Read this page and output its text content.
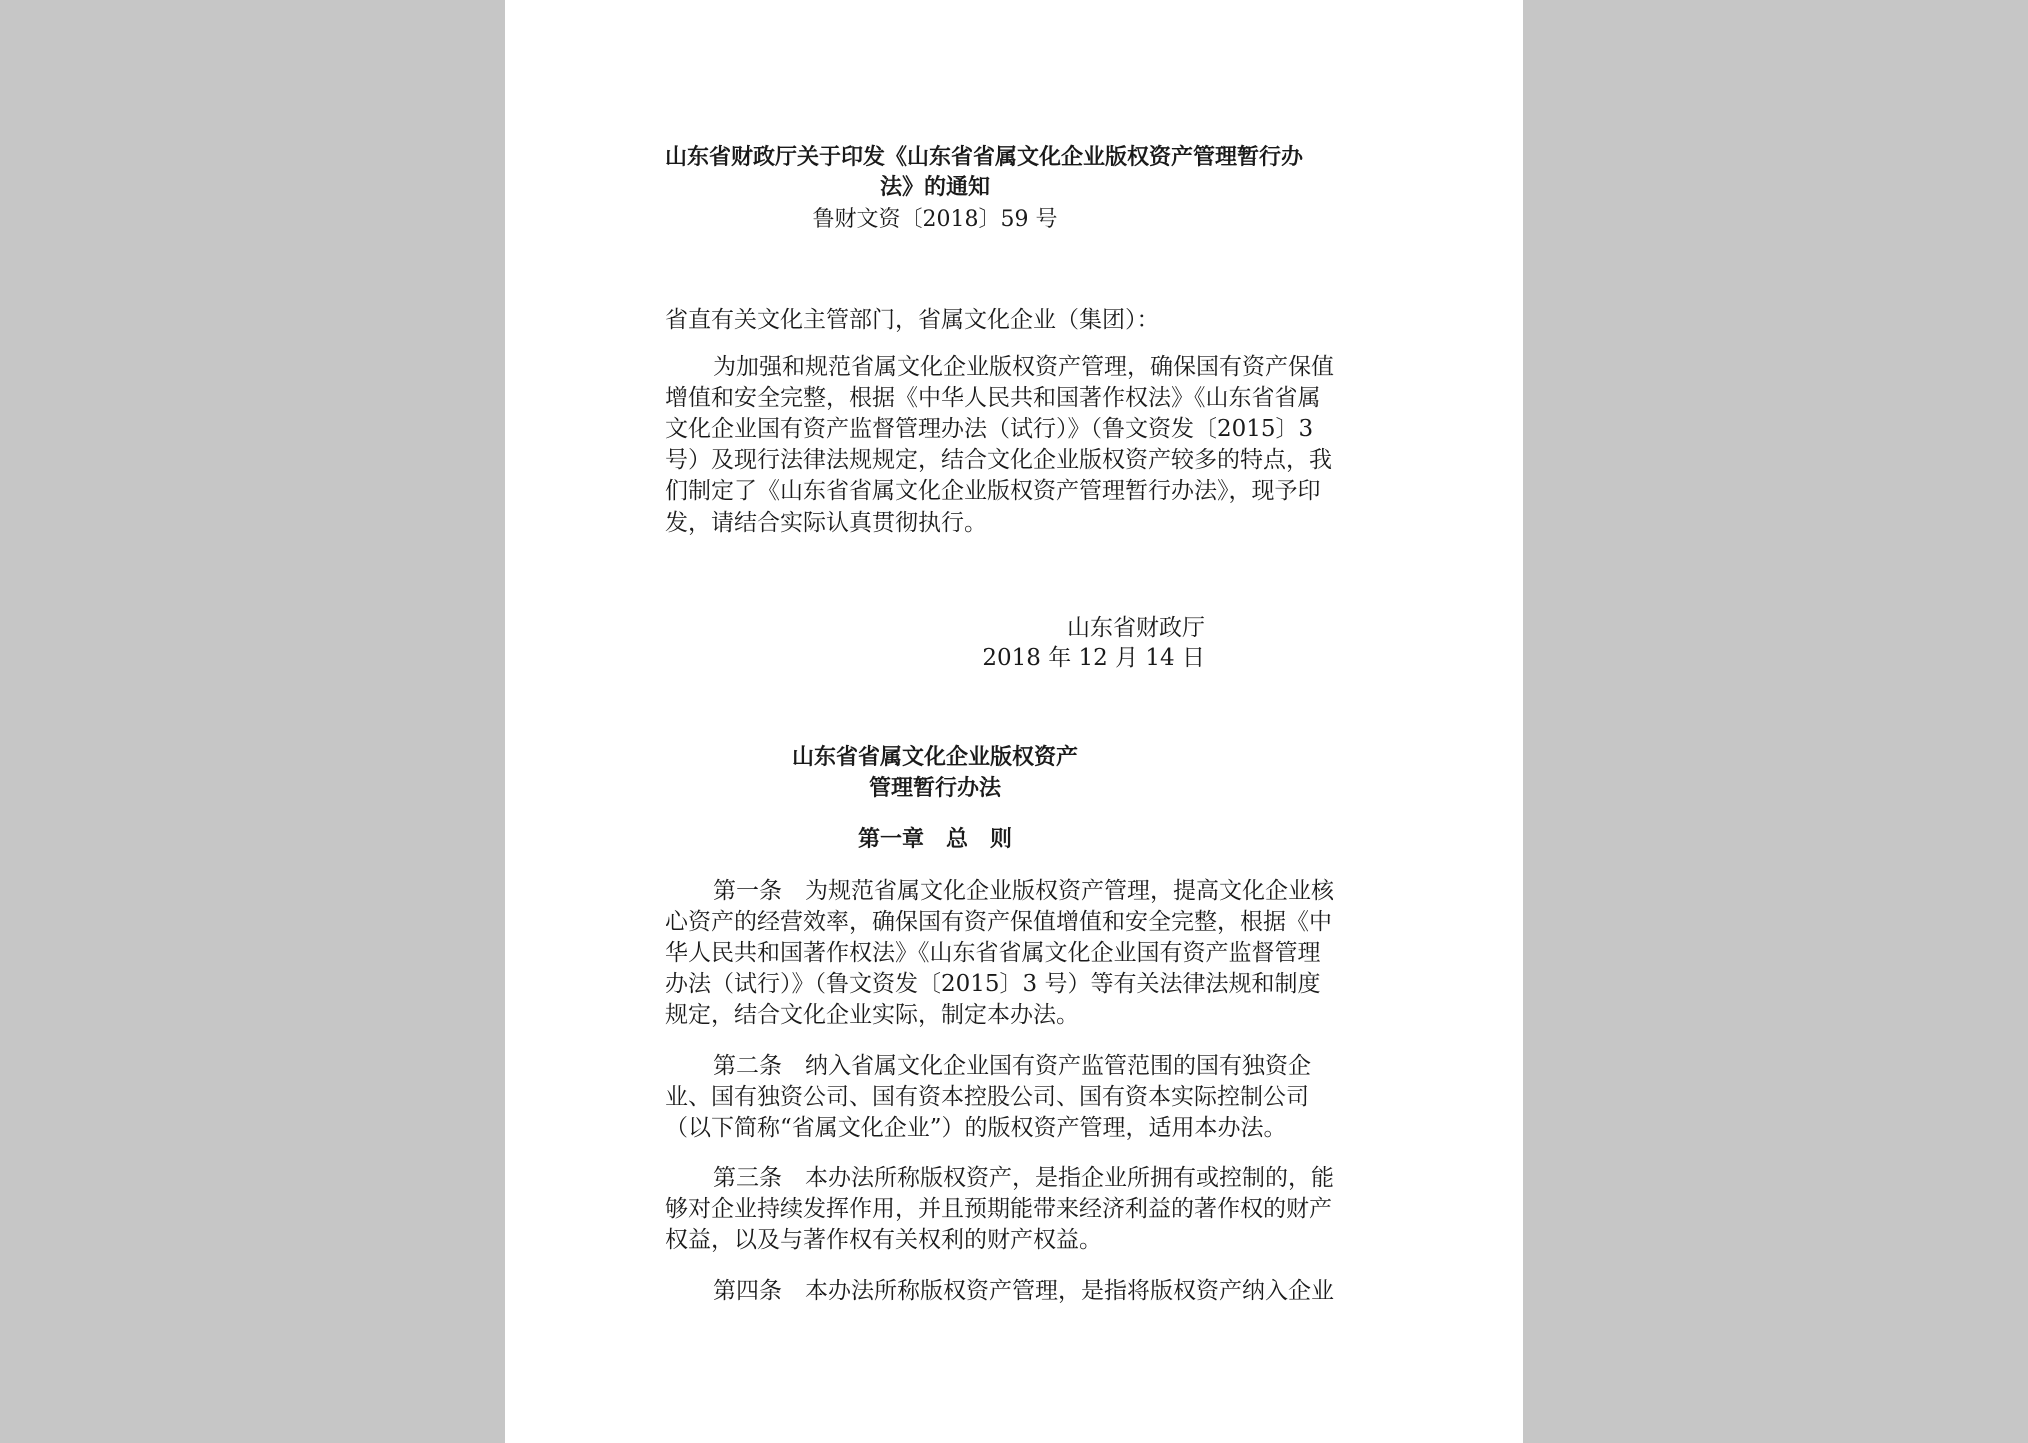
山东省财政厅关于印发《山东省省属文化企业版权资产管理暂行办
法》的通知
鲁财文资〔2018〕59 号
省直有关文化主管部门，省属文化企业（集团）：
为加强和规范省属文化企业版权资产管理，确保国有资产保值
增值和安全完整，根据《中华人民共和国著作权法》《山东省省属
文化企业国有资产监督管理办法（试行）》（鲁文资发〔2015〕3
号）及现行法律法规规定，结合文化企业版权资产较多的特点，我
们制定了《山东省省属文化企业版权资产管理暂行办法》，现予印
发，请结合实际认真贯彻执行。
山东省财政厅
2018 年 12 月 14 日
山东省省属文化企业版权资产
管理暂行办法
第一章　总　则
第一条　为规范省属文化企业版权资产管理，提高文化企业核
心资产的经营效率，确保国有资产保值增值和安全完整，根据《中
华人民共和国著作权法》《山东省省属文化企业国有资产监督管理
办法（试行）》（鲁文资发〔2015〕3 号）等有关法律法规和制度
规定，结合文化企业实际，制定本办法。
第二条　纳入省属文化企业国有资产监管范围的国有独资企
业、国有独资公司、国有资本控股公司、国有资本实际控制公司
（以下简称“省属文化企业”）的版权资产管理，适用本办法。
第三条　本办法所称版权资产，是指企业所拥有或控制的，能
够对企业持续发挥作用，并且预期能带来经济利益的著作权的财产
权益，以及与著作权有关权利的财产权益。
第四条　本办法所称版权资产管理，是指将版权资产纳入企业
